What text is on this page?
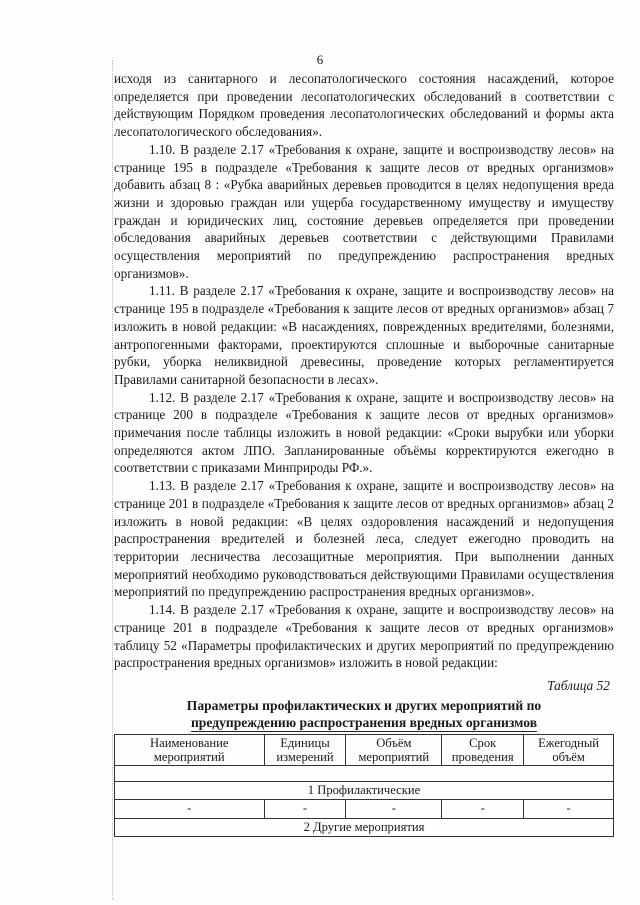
6

исходя из санитарного и лесопатологического состояния насаждений, которое определяется при проведении лесопатологических обследований в соответствии с действующим Порядком проведения лесопатологических обследований и формы акта лесопатологического обследования».

1.10. В разделе 2.17 «Требования к охране, защите и воспроизводству лесов» на странице 195 в подразделе «Требования к защите лесов от вредных организмов» добавить абзац 8 : «Рубка аварийных деревьев проводится в целях недопущения вреда жизни и здоровью граждан или ущерба государственному имуществу и имуществу граждан и юридических лиц, состояние деревьев определяется при проведении обследования аварийных деревьев соответствии с действующими Правилами осуществления мероприятий по предупреждению распространения вредных организмов».

1.11. В разделе 2.17 «Требования к охране, защите и воспроизводству лесов» на странице 195 в подразделе «Требования к защите лесов от вредных организмов» абзац 7 изложить в новой редакции: «В насаждениях, поврежденных вредителями, болезнями, антропогенными факторами, проектируются сплошные и выборочные санитарные рубки, уборка неликвидной древесины, проведение которых регламентируется Правилами санитарной безопасности в лесах».

1.12. В разделе 2.17 «Требования к охране, защите и воспроизводству лесов» на странице 200 в подразделе «Требования к защите лесов от вредных организмов» примечания после таблицы изложить в новой редакции: «Сроки вырубки или уборки определяются актом ЛПО. Запланированные объёмы корректируются ежегодно в соответствии с приказами Минприроды РФ.».

1.13. В разделе 2.17 «Требования к охране, защите и воспроизводству лесов» на странице 201 в подразделе «Требования к защите лесов от вредных организмов» абзац 2 изложить в новой редакции: «В целях оздоровления насаждений и недопущения распространения вредителей и болезней леса, следует ежегодно проводить на территории лесничества лесозащитные мероприятия. При выполнении данных мероприятий необходимо руководствоваться действующими Правилами осуществления мероприятий по предупреждению распространения вредных организмов».

1.14. В разделе 2.17 «Требования к охране, защите и воспроизводству лесов» на странице 201 в подразделе «Требования к защите лесов от вредных организмов» таблицу 52 «Параметры профилактических и других мероприятий по предупреждению распространения вредных организмов» изложить в новой редакции:

Таблица 52
Параметры профилактических и других мероприятий по
предупреждению распространения вредных организмов
Наименование мероприятий	Единицы измерений	Объём мероприятий	Срок проведения	Ежегодный объём

1 Профилактические				
-	-	-	-	-
2 Другие мероприятия				
